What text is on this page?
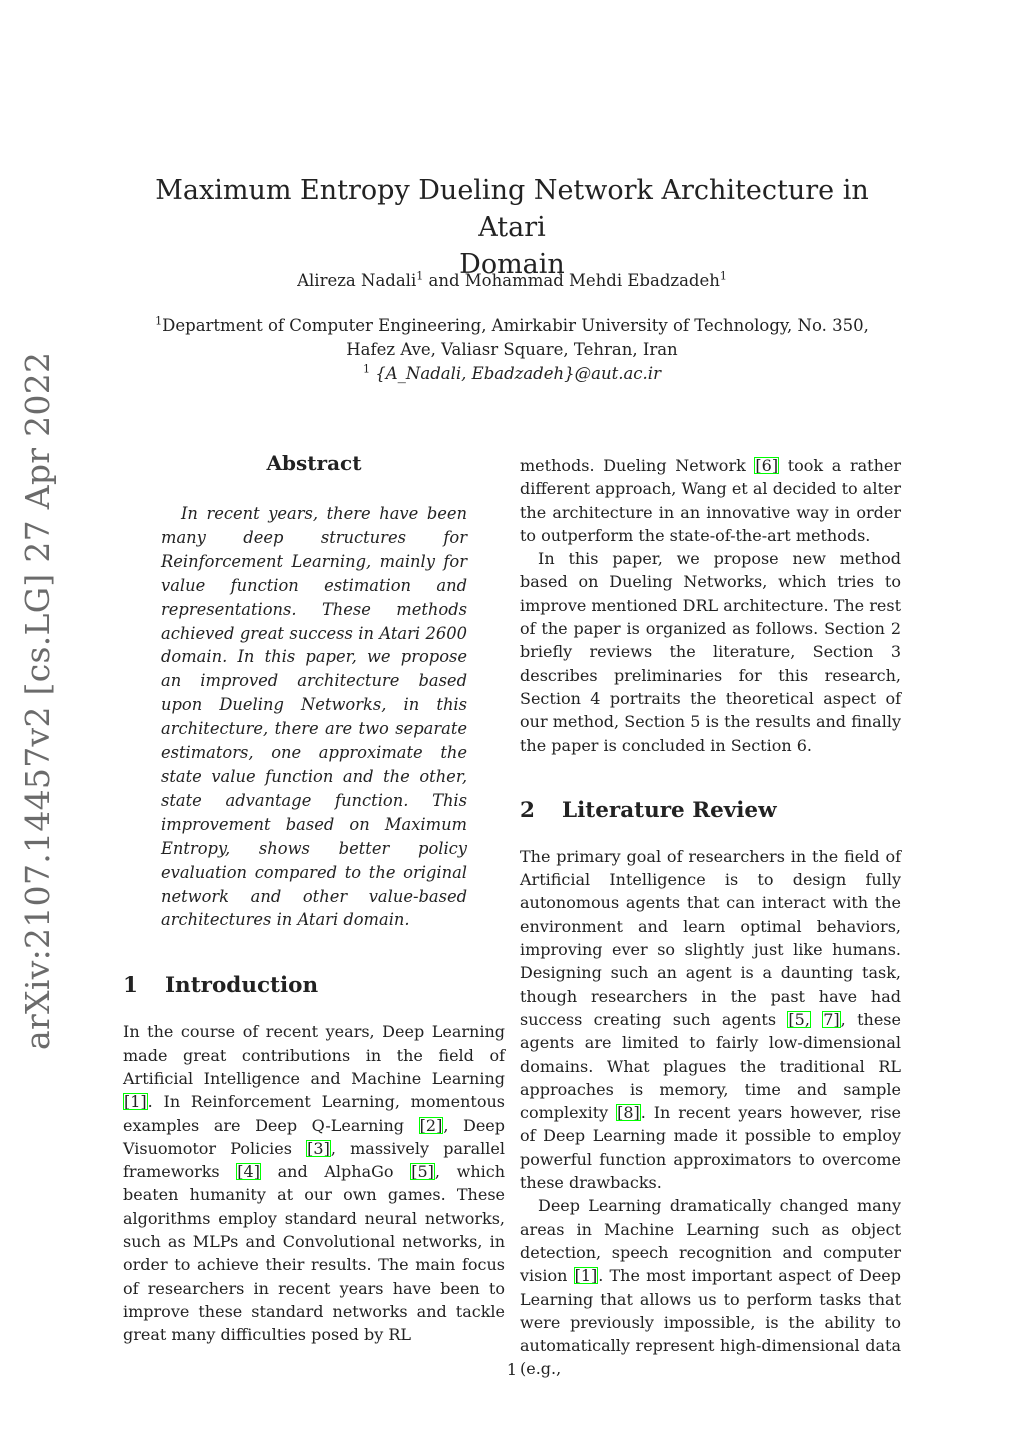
arXiv:2107.14457v2 [cs.LG] 27 Apr 2022
Maximum Entropy Dueling Network Architecture in Atari
Domain
Alireza Nadali$^1$ and Mohammad Mehdi Ebadzadeh$^1$
$^1$Department of Computer Engineering, Amirkabir University of Technology, No. 350,
Hafez Ave, Valiasr Square, Tehran, Iran
$^1$ {A_Nadali, Ebadzadeh}@aut.ac.ir
Abstract

In recent years, there have been many deep structures for Reinforcement Learning, mainly for value function estimation and representations. These methods achieved great success in Atari 2600 domain. In this paper, we propose an improved architecture based upon Dueling Networks, in this architecture, there are two separate estimators, one approximate the state value function and the other, state advantage function. This improvement based on Maximum Entropy, shows better policy evaluation compared to the original network and other value-based architectures in Atari domain.

1 Introduction

In the course of recent years, Deep Learning made great contributions in the field of Artificial Intelligence and Machine Learning [1]. In Reinforcement Learning, momentous examples are Deep Q-Learning [2], Deep Visuomotor Policies [3], massively parallel frameworks [4] and AlphaGo [5], which beaten humanity at our own games. These algorithms employ standard neural networks, such as MLPs and Convolutional networks, in order to achieve their results. The main focus of researchers in recent years have been to improve these standard networks and tackle great many difficulties posed by RL

methods. Dueling Network [6] took a rather different approach, Wang et al decided to alter the architecture in an innovative way in order to outperform the state-of-the-art methods.

In this paper, we propose new method based on Dueling Networks, which tries to improve mentioned DRL architecture. The rest of the paper is organized as follows. Section 2 briefly reviews the literature, Section 3 describes preliminaries for this research, Section 4 portraits the theoretical aspect of our method, Section 5 is the results and finally the paper is concluded in Section 6.

2 Literature Review

The primary goal of researchers in the field of Artificial Intelligence is to design fully autonomous agents that can interact with the environment and learn optimal behaviors, improving ever so slightly just like humans. Designing such an agent is a daunting task, though researchers in the past have had success creating such agents [5, 7], these agents are limited to fairly low-dimensional domains. What plagues the traditional RL approaches is memory, time and sample complexity [8]. In recent years however, rise of Deep Learning made it possible to employ powerful function approximators to overcome these drawbacks.

Deep Learning dramatically changed many areas in Machine Learning such as object detection, speech recognition and computer vision [1]. The most important aspect of Deep Learning that allows us to perform tasks that were previously impossible, is the ability to automatically represent high-dimensional data (e.g.,

1
